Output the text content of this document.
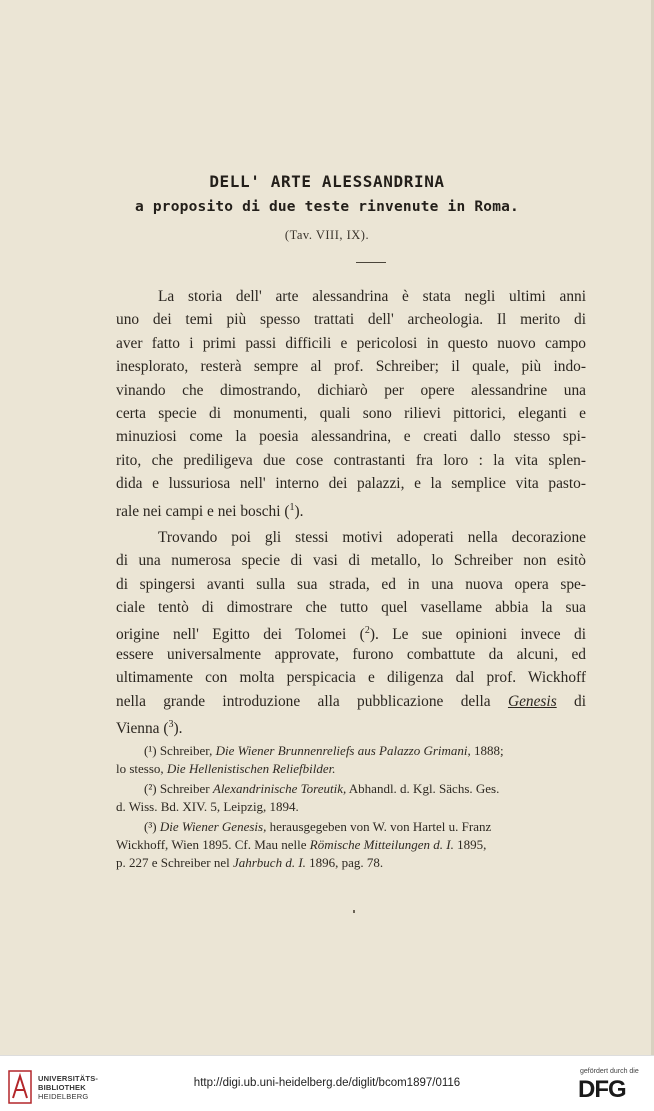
DELL' ARTE ALESSANDRINA
a proposito di due teste rinvenute in Roma.
(Tav. VIII, IX).
La storia dell' arte alessandrina è stata negli ultimi anni
uno dei temi più spesso trattati dell' archeologia. Il merito di
aver fatto i primi passi difficili e pericolosi in questo nuovo campo
inesplorato, resterà sempre al prof. Schreiber; il quale, più indo-
vinando che dimostrando, dichiarò per opere alessandrine una
certa specie di monumenti, quali sono rilievi pittorici, eleganti e
minuziosi come la poesia alessandrina, e creati dallo stesso spi-
rito, che prediligeva due cose contrastanti fra loro : la vita splen-
dida e lussuriosa nell' interno dei palazzi, e la semplice vita pasto-
rale nei campi e nei boschi ($^1$).
Trovando poi gli stessi motivi adoperati nella decorazione
di una numerosa specie di vasi di metallo, lo Schreiber non esitò
di spingersi avanti sulla sua strada, ed in una nuova opera spe-
ciale tentò di dimostrare che tutto quel vasellame abbia la sua
origine nell' Egitto dei Tolomei ($^2$). Le sue opinioni invece di
essere universalmente approvate, furono combattute da alcuni, ed
ultimamente con molta perspicacia e diligenza dal prof. Wickhoff
nella grande introduzione alla pubblicazione della Genesis di
Vienna ($^3$).
(¹) Schreiber, Die Wiener Brunnenreliefs aus Palazzo Grimani, 1888;
lo stesso, Die Hellenistischen Reliefbilder.
(²) Schreiber Alexandrinische Toreutik, Abhandl. d. Kgl. Sächs. Ges.
d. Wiss. Bd. XIV. 5, Leipzig, 1894.
(³) Die Wiener Genesis, herausgegeben von W. von Hartel u. Franz
Wickhoff, Wien 1895. Cf. Mau nelle Römische Mitteilungen d. I. 1895,
p. 227 e Schreiber nel Jahrbuch d. I. 1896, pag. 78.
UNIVERSITÄTS-
BIBLIOTHEK
HEIDELBERG
http://digi.ub.uni-heidelberg.de/diglit/bcom1897/0116
gefördert durch die
DFG
